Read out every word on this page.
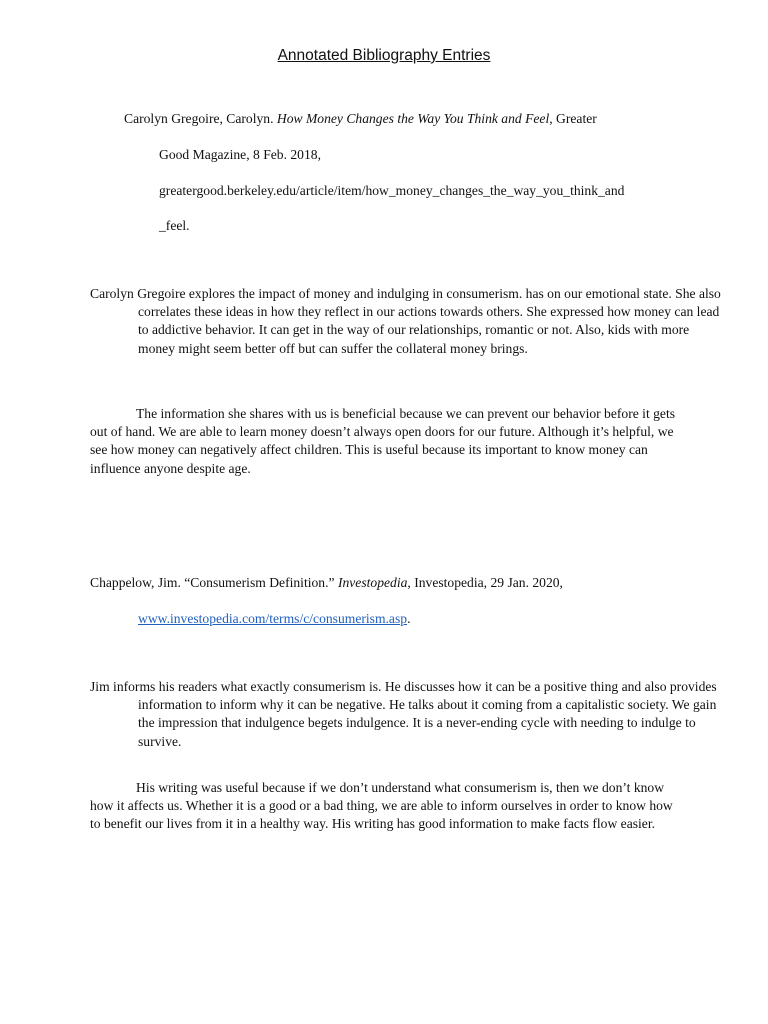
Annotated Bibliography Entries
Carolyn Gregoire, Carolyn. How Money Changes the Way You Think and Feel, Greater
Good Magazine, 8 Feb. 2018,
greatergood.berkeley.edu/article/item/how_money_changes_the_way_you_think_and
_feel.

Carolyn Gregoire explores the impact of money and indulging in consumerism. has on our emotional state. She also correlates these ideas in how they reflect in our actions towards others. She expressed how money can lead to addictive behavior. It can get in the way of our relationships, romantic or not. Also, kids with more money might seem better off but can suffer the collateral money brings.

The information she shares with us is beneficial because we can prevent our behavior before it gets out of hand. We are able to learn money doesn’t always open doors for our future. Although it’s helpful, we see how money can negatively affect children. This is useful because its important to know money can influence anyone despite age.

Chappelow, Jim. “Consumerism Definition.” Investopedia, Investopedia, 29 Jan. 2020,
www.investopedia.com/terms/c/consumerism.asp.

Jim informs his readers what exactly consumerism is. He discusses how it can be a positive thing and also provides information to inform why it can be negative. He talks about it coming from a capitalistic society. We gain the impression that indulgence begets indulgence. It is a never-ending cycle with needing to indulge to survive.

His writing was useful because if we don’t understand what consumerism is, then we don’t know how it affects us. Whether it is a good or a bad thing, we are able to inform ourselves in order to know how to benefit our lives from it in a healthy way. His writing has good information to make facts flow easier.
